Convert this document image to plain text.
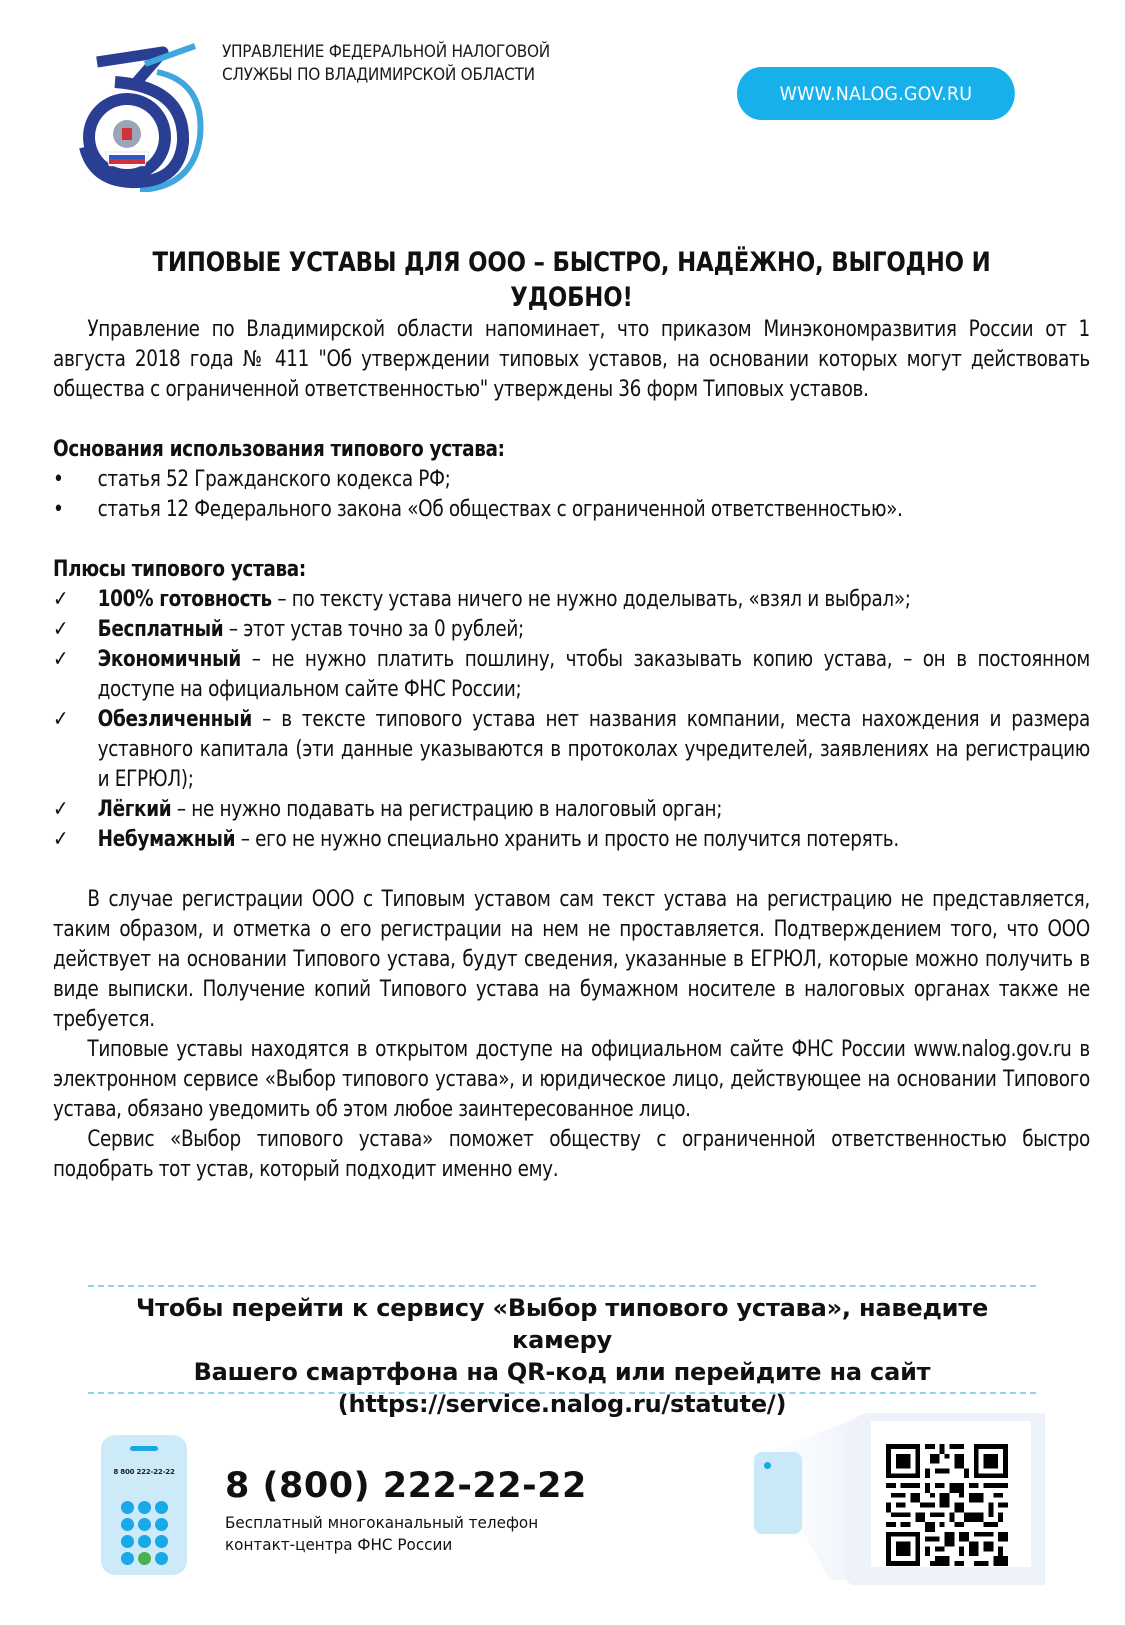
УПРАВЛЕНИЕ ФЕДЕРАЛЬНОЙ НАЛОГОВОЙ
СЛУЖБЫ ПО ВЛАДИМИРСКОЙ ОБЛАСТИ
WWW.NALOG.GOV.RU
ТИПОВЫЕ УСТАВЫ ДЛЯ ООО – БЫСТРО, НАДЁЖНО, ВЫГОДНО И УДОБНО!
Управление по Владимирской области напоминает, что приказом Минэкономразвития России от 1 августа 2018 года № 411 "Об утверждении типовых уставов, на основании которых могут действовать общества с ограниченной ответственностью" утверждены 36 форм Типовых уставов.
Основания использования типового устава:
•	статья 52 Гражданского кодекса РФ;
•	статья 12 Федерального закона «Об обществах с ограниченной ответственностью».
Плюсы типового устава:
✓	100% готовность – по тексту устава ничего не нужно доделывать, «взял и выбрал»;
✓	Бесплатный – этот устав точно за 0 рублей;
✓	Экономичный – не нужно платить пошлину, чтобы заказывать копию устава, – он в постоянном доступе на официальном сайте ФНС России;
✓	Обезличенный – в тексте типового устава нет названия компании, места нахождения и размера уставного капитала (эти данные указываются в протоколах учредителей, заявлениях на регистрацию и ЕГРЮЛ);
✓	Лёгкий – не нужно подавать на регистрацию в налоговый орган;
✓	Небумажный – его не нужно специально хранить и просто не получится потерять.
В случае регистрации ООО с Типовым уставом сам текст устава на регистрацию не представляется, таким образом, и отметка о его регистрации на нем не проставляется. Подтверждением того, что ООО действует на основании Типового устава, будут сведения, указанные в ЕГРЮЛ, которые можно получить в виде выписки. Получение копий Типового устава на бумажном носителе в налоговых органах также не требуется.
Типовые уставы находятся в открытом доступе на официальном сайте ФНС России www.nalog.gov.ru в электронном сервисе «Выбор типового устава», и юридическое лицо, действующее на основании Типового устава, обязано уведомить об этом любое заинтересованное лицо.
Сервис «Выбор типового устава» поможет обществу с ограниченной ответственностью быстро подобрать тот устав, который подходит именно ему.
Чтобы перейти к сервису «Выбор типового устава», наведите камеру
Вашего смартфона на QR-код или перейдите на сайт
(https://service.nalog.ru/statute/)
8 800 222-22-22	8 (800) 222-22-22
Бесплатный многоканальный телефон
контакт-центра ФНС России
